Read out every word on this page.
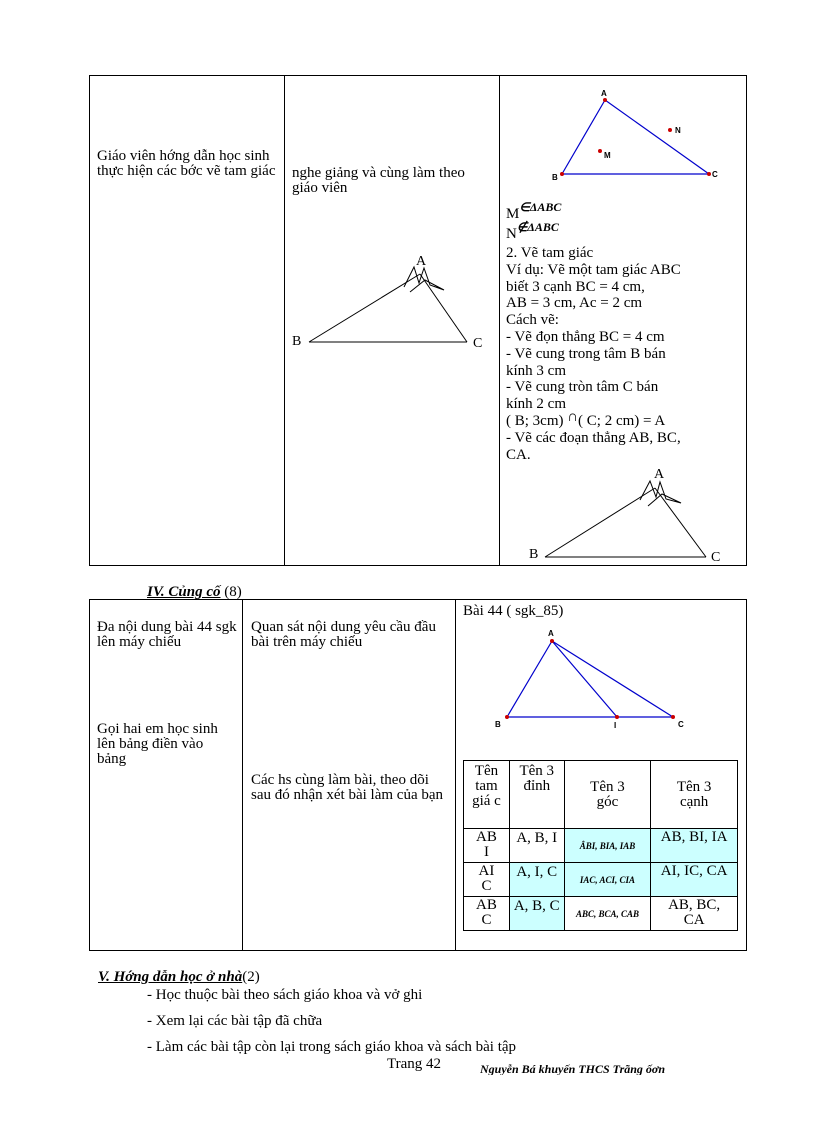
Giáo viên hớng dẫn học sinh thực hiện các bớc vẽ tam giác nghe giảng và cùng làm theo giáo viên
A
B	C
A
B	C
M
N
M∈ΔABC
N∉ΔABC
2. Vẽ tam giác
Ví dụ: Vẽ một tam giác ABC
biết 3 cạnh BC = 4 cm,
AB = 3 cm, Ac = 2 cm
Cách vẽ:
- Vẽ đọn thẳng BC = 4 cm
- Vẽ cung trong tâm B bán
kính 3 cm
- Vẽ cung tròn tâm C bán
kính 2 cm
( B; 3cm) ∩( C; 2 cm) = A
- Vẽ các đoạn thẳng AB, BC,
CA.
A
B	C
IV. Củng cố (8)
Đa nội dung bài 44 sgk lên máy chiếu
Gọi hai em học sinh lên bảng điền vào bảng
Quan sát nội dung yêu cầu đầu bài trên máy chiếu
Các hs cùng làm bài, theo dõi sau đó nhận xét bài làm của bạn
Bài 44 ( sgk_85)
A
B	I	C
Tên tam giá c	Tên 3 đỉnh	Tên 3 góc	Tên 3 cạnh
AB I	A, B, I	ÂBI, BIA, IAB	AB, BI, IA
AI C	A, I, C	IAC, ACI, CIA	AI, IC, CA
AB C	A, B, C	ABC, BCA, CAB	AB, BC, CA
V. Hớng dẫn học ở nhà(2)
- Học thuộc bài theo sách giáo khoa và vở ghi
- Xem lại các bài tập đã chữa
- Làm các bài tập còn lại trong sách giáo khoa và sách bài tập
Trang 42	Nguyễn Bá khuyến THCS Trãng ốơn
